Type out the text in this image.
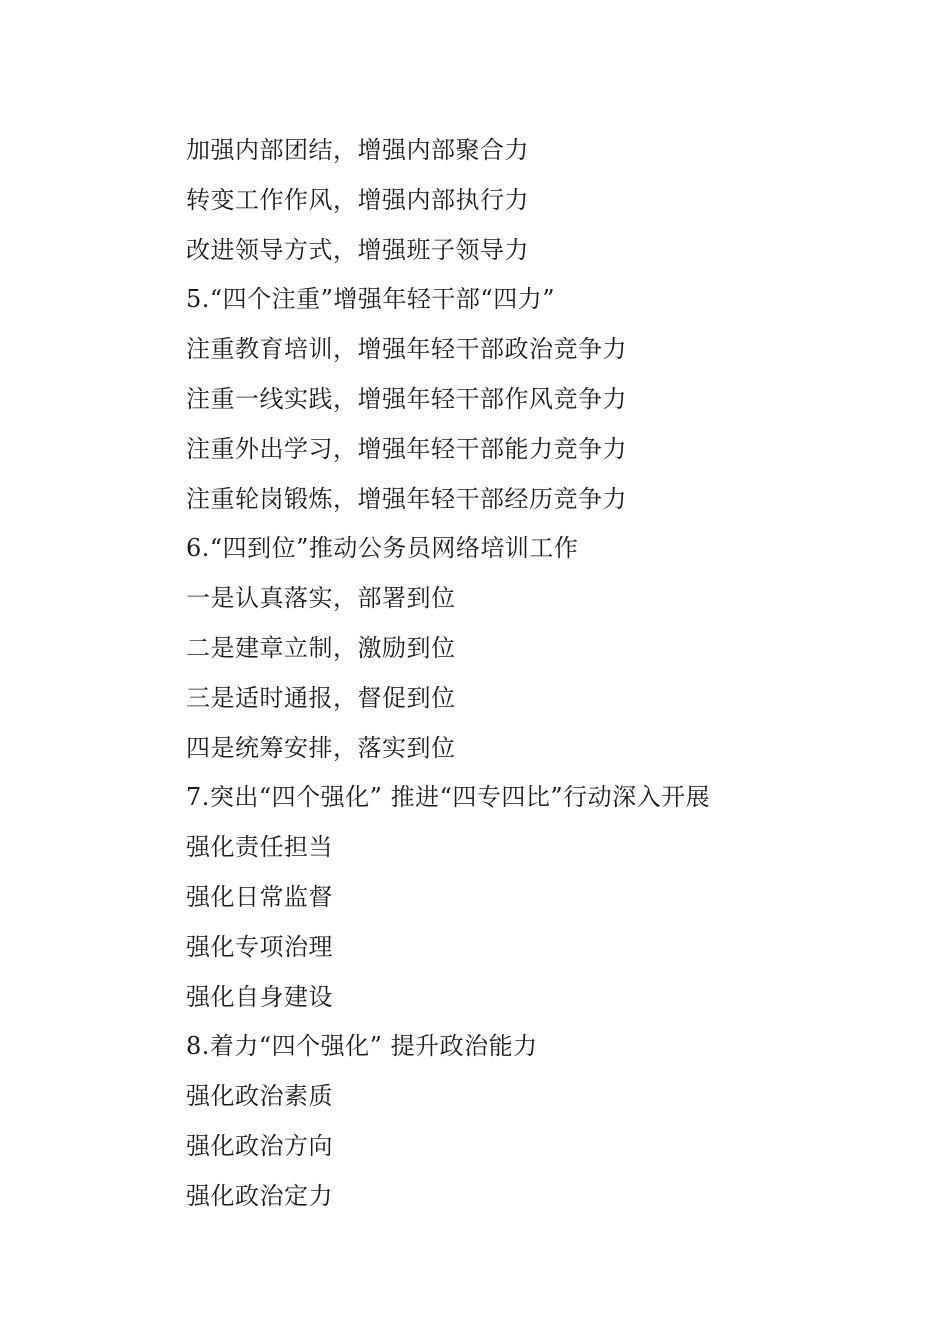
加强内部团结，增强内部聚合力
转变工作作风，增强内部执行力
改进领导方式，增强班子领导力
5.“四个注重”增强年轻干部“四力”
注重教育培训，增强年轻干部政治竞争力
注重一线实践，增强年轻干部作风竞争力
注重外出学习，增强年轻干部能力竞争力
注重轮岗锻炼，增强年轻干部经历竞争力
6.“四到位”推动公务员网络培训工作
一是认真落实，部署到位
二是建章立制，激励到位
三是适时通报，督促到位
四是统筹安排，落实到位
7.突出“四个强化” 推进“四专四比”行动深入开展
强化责任担当
强化日常监督
强化专项治理
强化自身建设
8.着力“四个强化” 提升政治能力
强化政治素质
强化政治方向
强化政治定力
